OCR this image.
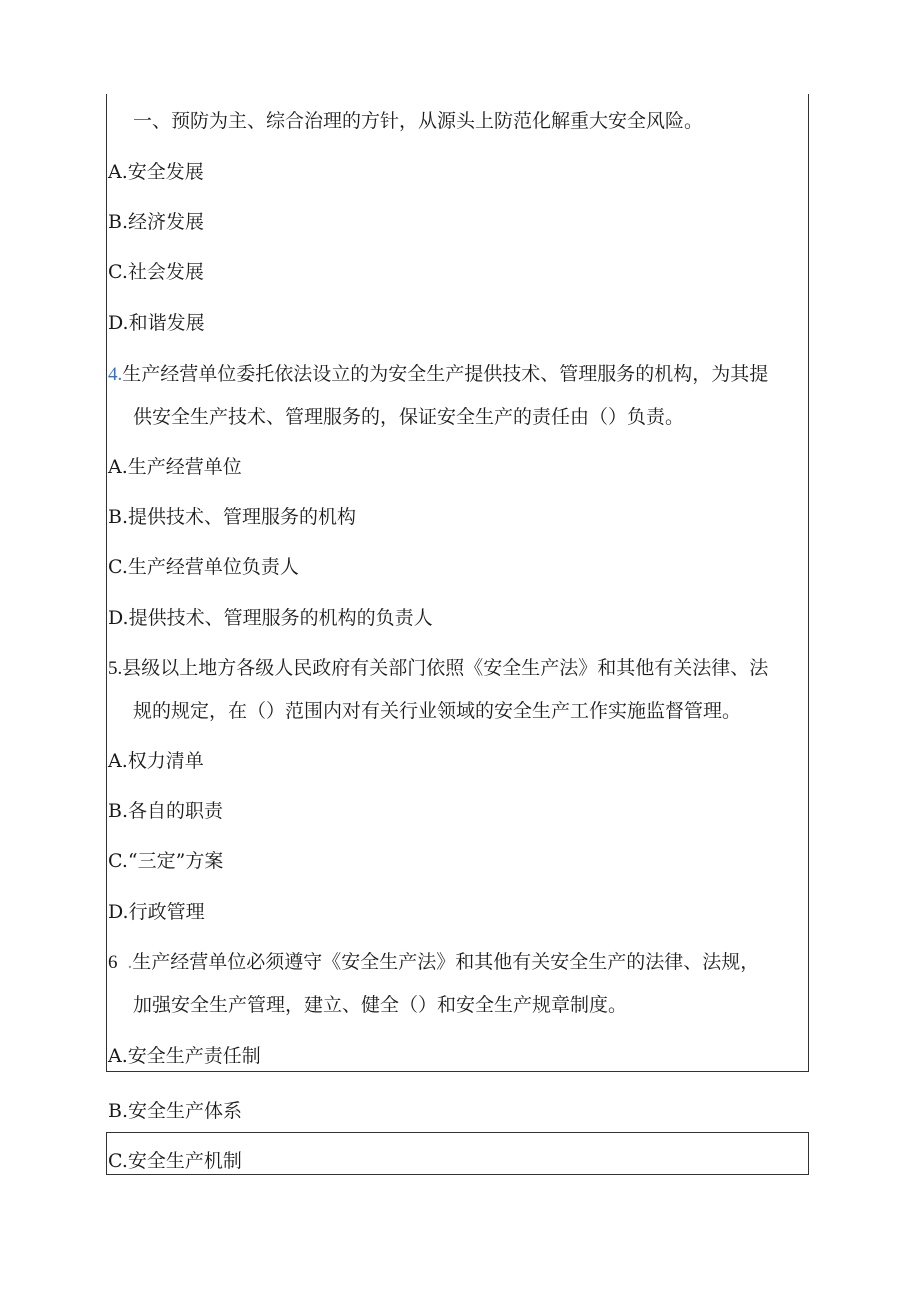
一、预防为主、综合治理的方针，从源头上防范化解重大安全风险。
A.安全发展
B.经济发展
C.社会发展
D.和谐发展
4.生产经营单位委托依法设立的为安全生产提供技术、管理服务的机构，为其提
供安全生产技术、管理服务的，保证安全生产的责任由（）负责。
A.生产经营单位
B.提供技术、管理服务的机构
C.生产经营单位负责人
D.提供技术、管理服务的机构的负责人
5.县级以上地方各级人民政府有关部门依照《安全生产法》和其他有关法律、法
规的规定，在（）范围内对有关行业领域的安全生产工作实施监督管理。
A.权力清单
B.各自的职责
C.“三定”方案
D.行政管理
6 .生产经营单位必须遵守《安全生产法》和其他有关安全生产的法律、法规，
加强安全生产管理，建立、健全（）和安全生产规章制度。
A.安全生产责任制
B.安全生产体系
C.安全生产机制
